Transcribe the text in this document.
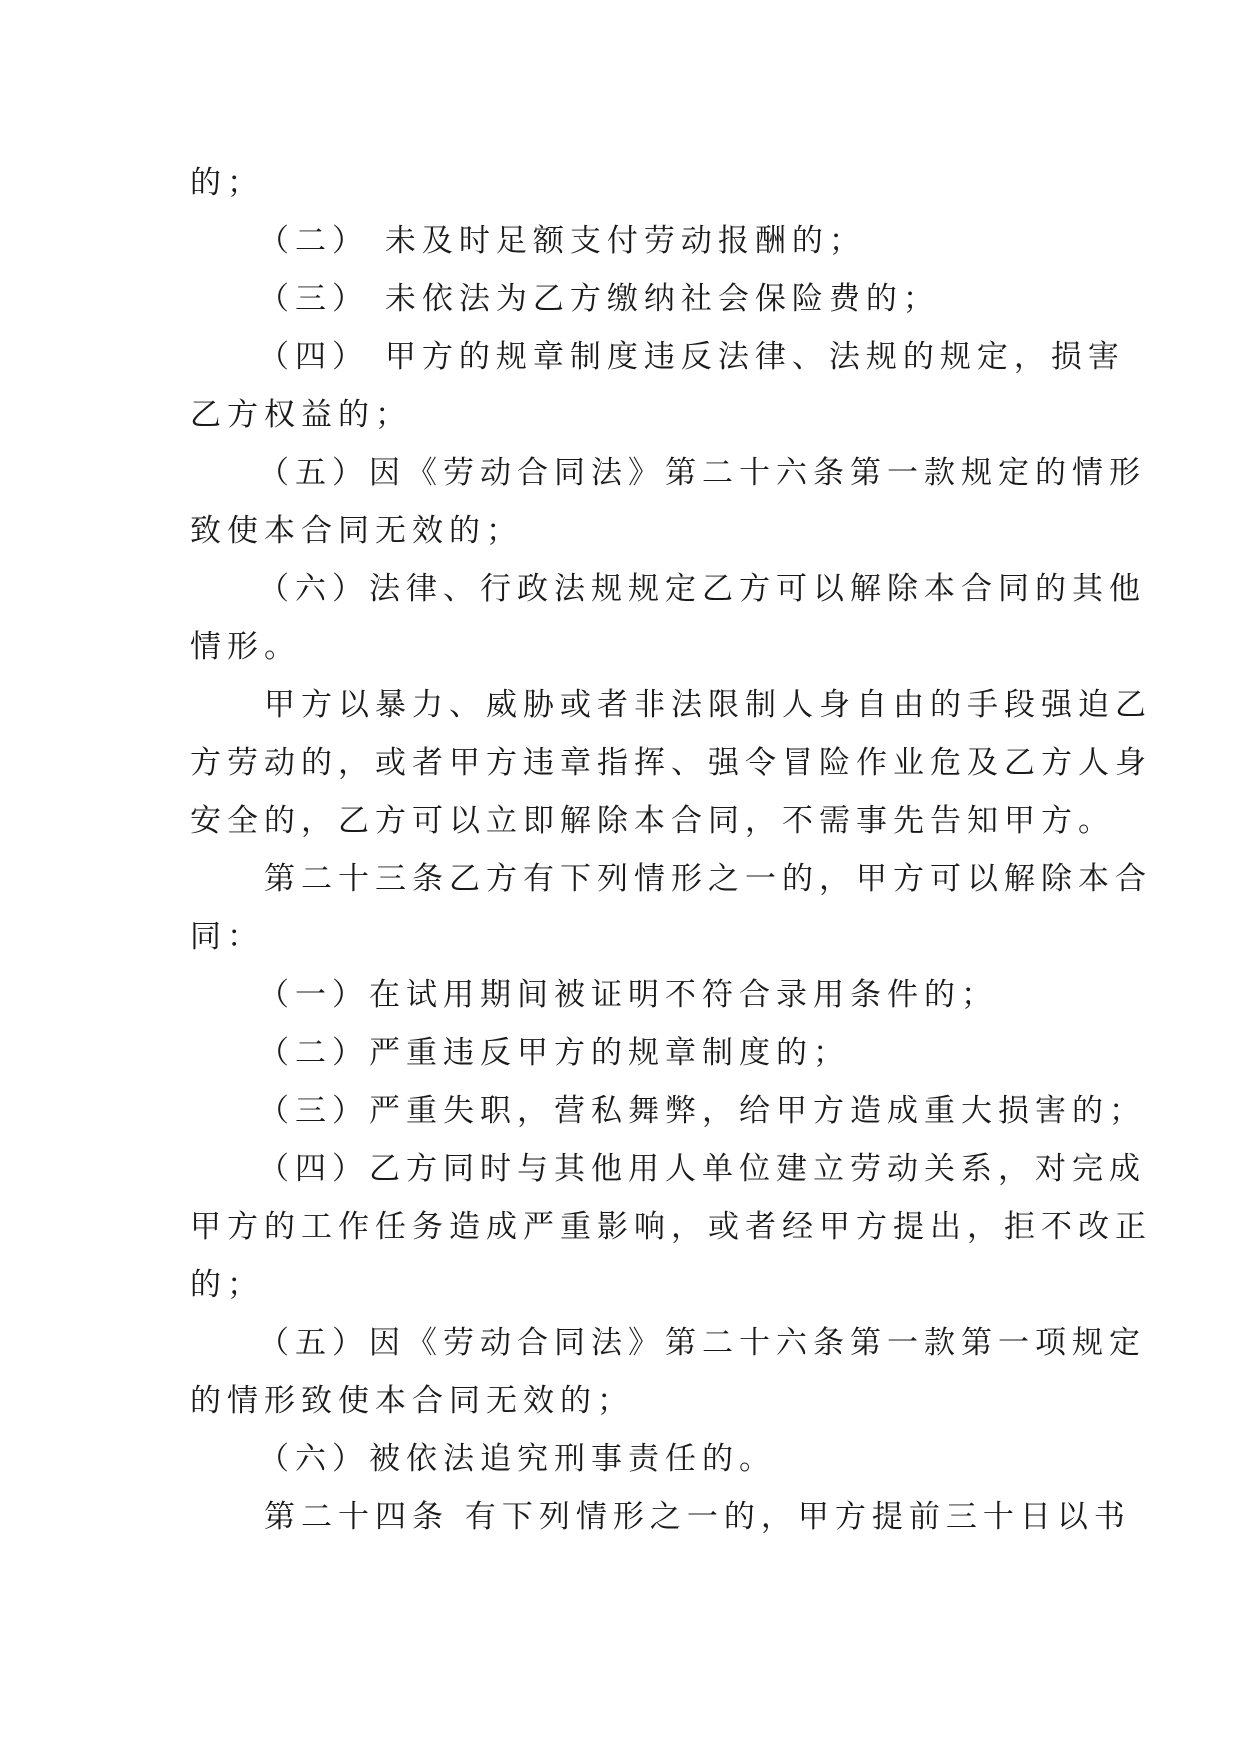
的；
（二） 未及时足额支付劳动报酬的；
（三） 未依法为乙方缴纳社会保险费的；
（四） 甲方的规章制度违反法律、法规的规定，损害
乙方权益的；
（五）因《劳动合同法》第二十六条第一款规定的情形
致使本合同无效的；
（六）法律、行政法规规定乙方可以解除本合同的其他
情形。
甲方以暴力、威胁或者非法限制人身自由的手段强迫乙
方劳动的，或者甲方违章指挥、强令冒险作业危及乙方人身
安全的，乙方可以立即解除本合同，不需事先告知甲方。
第二十三条乙方有下列情形之一的，甲方可以解除本合
同：
（一）在试用期间被证明不符合录用条件的；
（二）严重违反甲方的规章制度的；
（三）严重失职，营私舞弊，给甲方造成重大损害的；
（四）乙方同时与其他用人单位建立劳动关系，对完成
甲方的工作任务造成严重影响，或者经甲方提出，拒不改正
的；
（五）因《劳动合同法》第二十六条第一款第一项规定
的情形致使本合同无效的；
（六）被依法追究刑事责任的。
第二十四条 有下列情形之一的，甲方提前三十日以书
